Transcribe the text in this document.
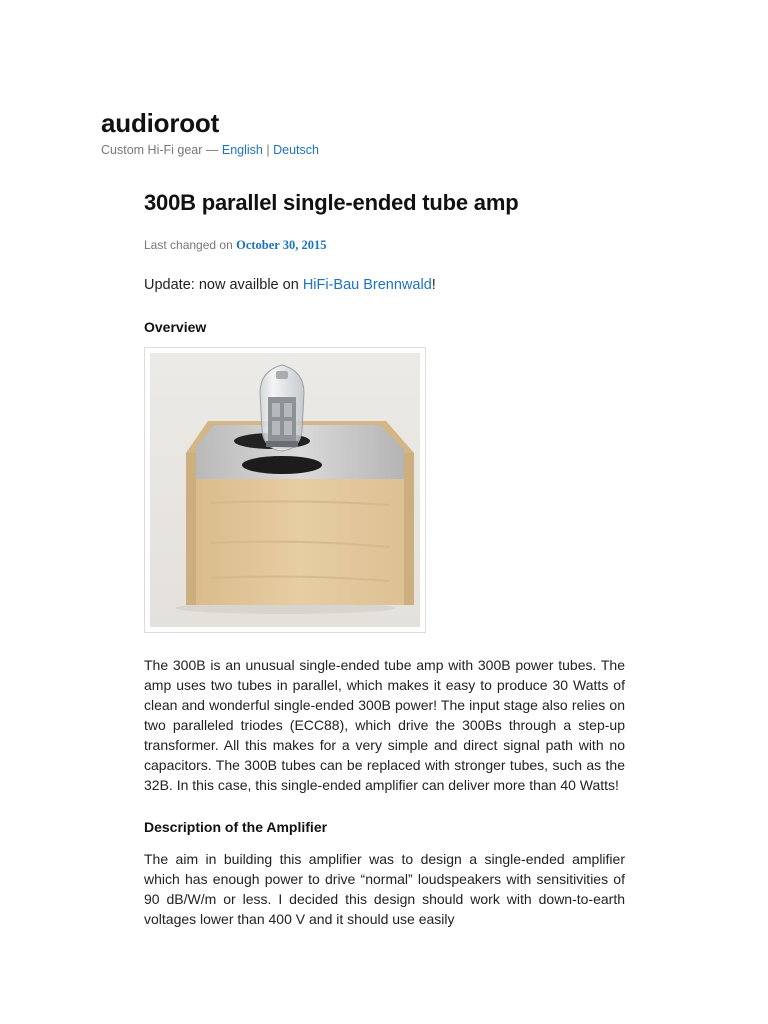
audioroot
Custom Hi-Fi gear — English | Deutsch
300B parallel single-ended tube amp
Last changed on October 30, 2015
Update: now availble on HiFi-Bau Brennwald!
Overview

The 300B is an unusual single-ended tube amp with 300B power tubes. The amp uses two tubes in parallel, which makes it easy to produce 30 Watts of clean and wonderful single-ended 300B power! The input stage also relies on two paralleled triodes (ECC88), which drive the 300Bs through a step-up transformer. All this makes for a very simple and direct signal path with no capacitors. The 300B tubes can be replaced with stronger tubes, such as the 32B. In this case, this single-ended amplifier can deliver more than 40 Watts!

Description of the Amplifier

The aim in building this amplifier was to design a single-ended amplifier which has enough power to drive “normal” loudspeakers with sensitivities of 90 dB/W/m or less. I decided this design should work with down-to-earth voltages lower than 400 V and it should use easily
